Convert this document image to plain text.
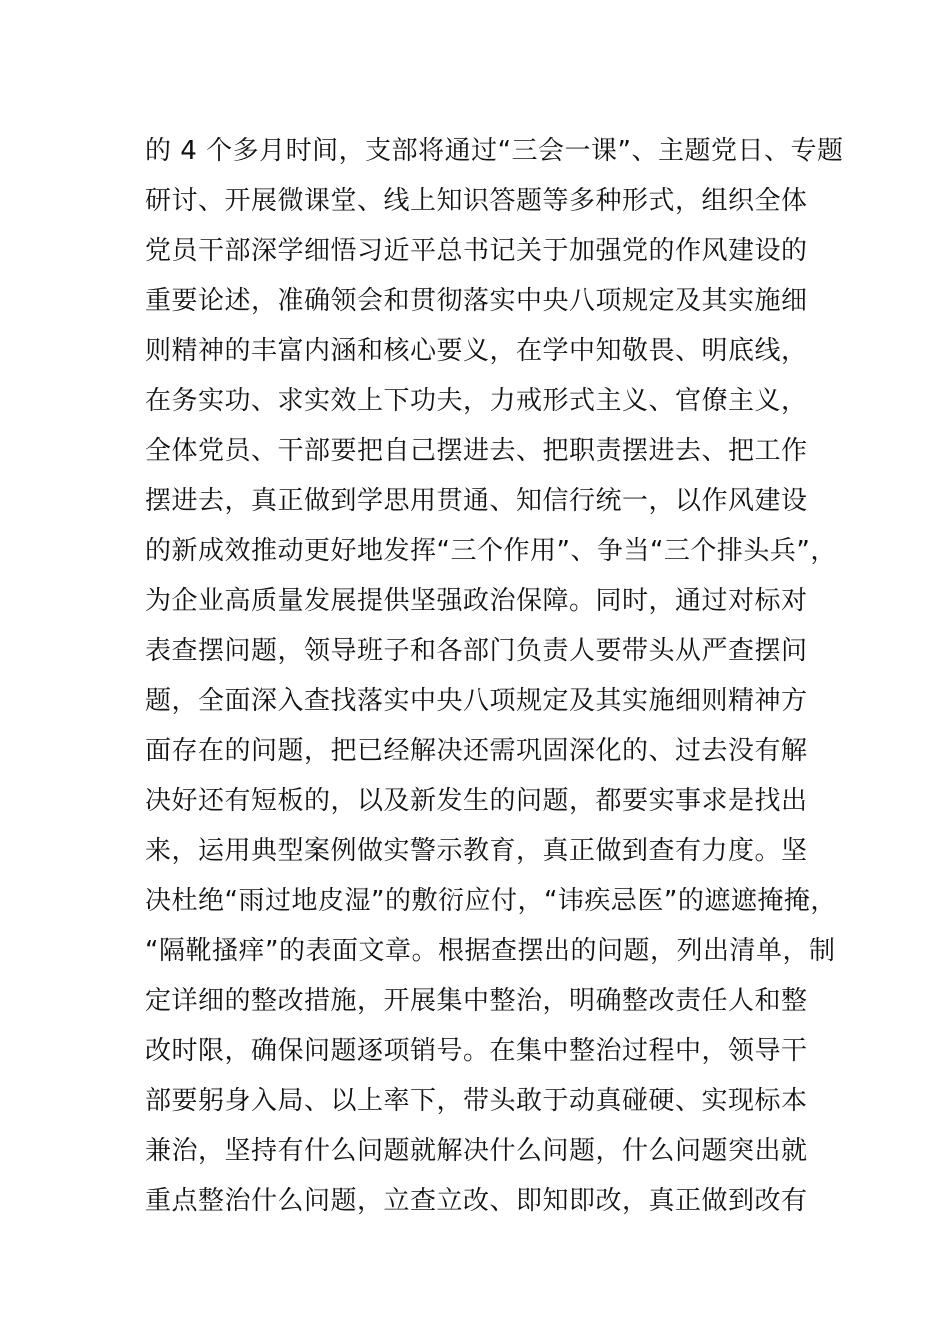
的 4 个多月时间，支部将通过“三会一课”、主题党日、专题
研讨、开展微课堂、线上知识答题等多种形式，组织全体
党员干部深学细悟习近平总书记关于加强党的作风建设的
重要论述，准确领会和贯彻落实中央八项规定及其实施细
则精神的丰富内涵和核心要义，在学中知敬畏、明底线，
在务实功、求实效上下功夫，力戒形式主义、官僚主义，
全体党员、干部要把自己摆进去、把职责摆进去、把工作
摆进去，真正做到学思用贯通、知信行统一，以作风建设
的新成效推动更好地发挥“三个作用”、争当“三个排头兵”，
为企业高质量发展提供坚强政治保障。同时，通过对标对
表查摆问题，领导班子和各部门负责人要带头从严查摆问
题，全面深入查找落实中央八项规定及其实施细则精神方
面存在的问题，把已经解决还需巩固深化的、过去没有解
决好还有短板的，以及新发生的问题，都要实事求是找出
来，运用典型案例做实警示教育，真正做到查有力度。坚
决杜绝“雨过地皮湿”的敷衍应付，“讳疾忌医”的遮遮掩掩，
“隔靴搔痒”的表面文章。根据查摆出的问题，列出清单，制
定详细的整改措施，开展集中整治，明确整改责任人和整
改时限，确保问题逐项销号。在集中整治过程中，领导干
部要躬身入局、以上率下，带头敢于动真碰硬、实现标本
兼治，坚持有什么问题就解决什么问题，什么问题突出就
重点整治什么问题，立查立改、即知即改，真正做到改有
